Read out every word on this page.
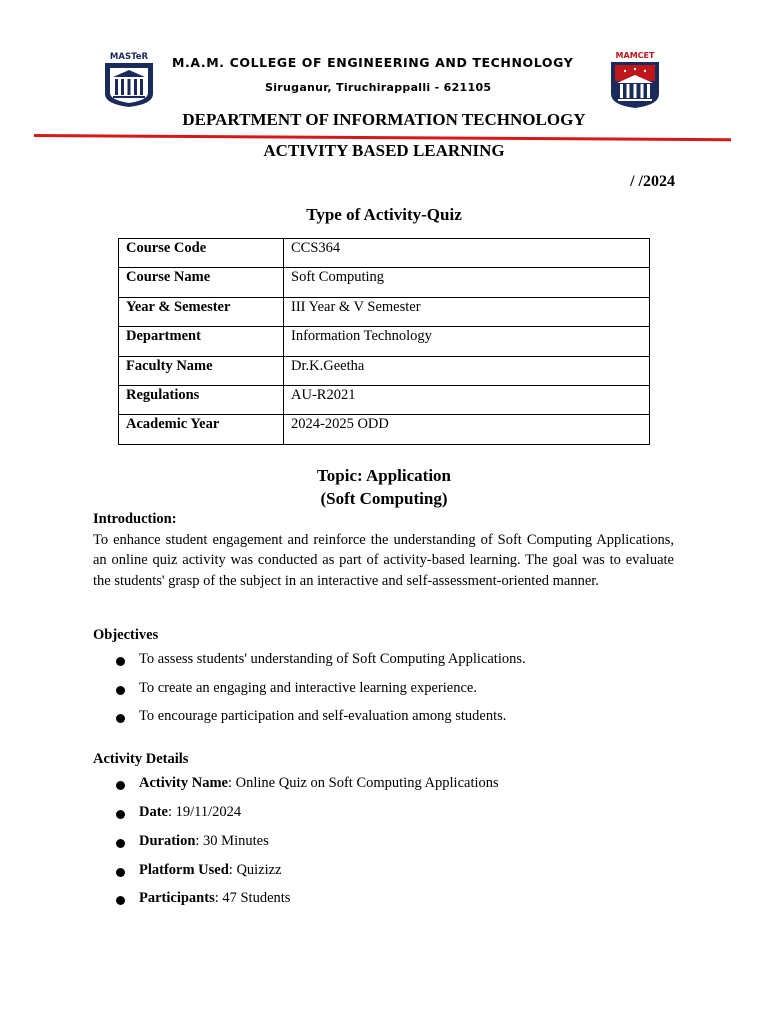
MASTeR M.A.M. COLLEGE OF ENGINEERING AND TECHNOLOGY
Siruganur, Tiruchirappalli - 621105
MAMCET
DEPARTMENT OF INFORMATION TECHNOLOGY
ACTIVITY BASED LEARNING
/ /2024
Type of Activity-Quiz
Course Code	CCS364
Course Name	Soft Computing
Year & Semester	III Year & V Semester
Department	Information Technology
Faculty Name	Dr.K.Geetha
Regulations	AU-R2021
Academic Year	2024-2025 ODD
Topic: Application
(Soft Computing)
Introduction:
To enhance student engagement and reinforce the understanding of Soft Computing Applications, an online quiz activity was conducted as part of activity-based learning. The goal was to evaluate the students' grasp of the subject in an interactive and self-assessment-oriented manner.
Objectives
To assess students' understanding of Soft Computing Applications.
To create an engaging and interactive learning experience.
To encourage participation and self-evaluation among students.
Activity Details
Activity Name : Online Quiz on Soft Computing Applications
Date : 19/11/2024
Duration : 30 Minutes
Platform Used : Quizizz
Participants : 47 Students
